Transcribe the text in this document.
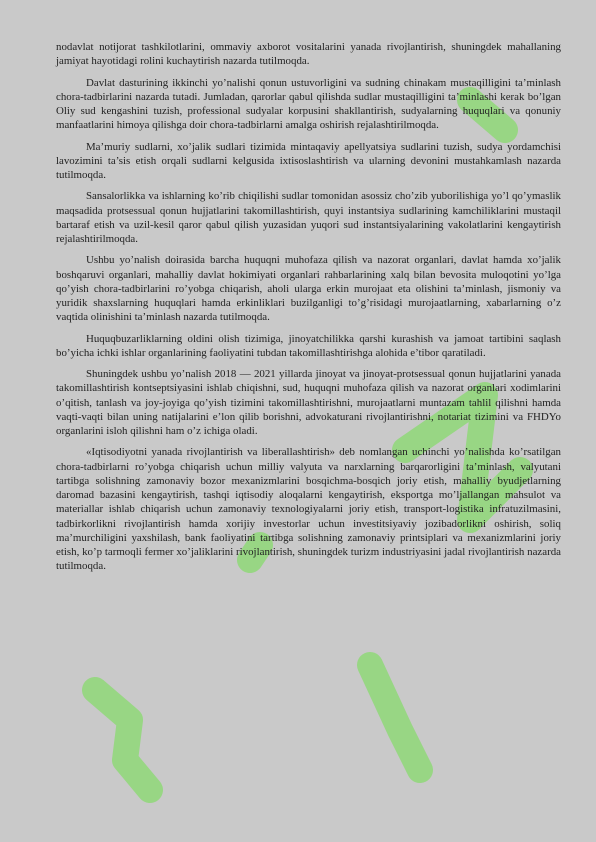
nodavlat notijorat tashkilotlarini, ommaviy axborot vositalarini yanada rivojlantirish, shuningdek mahallaning jamiyat hayotidagi rolini kuchaytirish nazarda tutilmoqda.

Davlat dasturining ikkinchi yo’nalishi qonun ustuvorligini va sudning chinakam mustaqilligini ta’minlash chora-tadbirlarini nazarda tutadi. Jumladan, qarorlar qabul qilishda sudlar mustaqilligini ta’minlashi kerak bo’lgan Oliy sud kengashini tuzish, professional sudyalar korpusini shakllantirish, sudyalarning huquqlari va qonuniy manfaatlarini himoya qilishga doir chora-tadbirlarni amalga oshirish rejalashtirilmoqda.

Ma’muriy sudlarni, xo’jalik sudlari tizimida mintaqaviy apellyatsiya sudlarini tuzish, sudya yordamchisi lavozimini ta’sis etish orqali sudlarni kelgusida ixtisoslashtirish va ularning devonini mustahkamlash nazarda tutilmoqda.

Sansalorlikka va ishlarning ko’rib chiqilishi sudlar tomonidan asossiz cho’zib yuborilishiga yo’l qo’ymaslik maqsadida protsessual qonun hujjatlarini takomillashtirish, quyi instantsiya sudlarining kamchiliklarini mustaqil bartaraf etish va uzil-kesil qaror qabul qilish yuzasidan yuqori sud instantsiyalarining vakolatlarini kengaytirish rejalashtirilmoqda.

Ushbu yo’nalish doirasida barcha huquqni muhofaza qilish va nazorat organlari, davlat hamda xo’jalik boshqaruvi organlari, mahalliy davlat hokimiyati organlari rahbarlarining xalq bilan bevosita muloqotini yo’lga qo’yish chora-tadbirlarini ro’yobga chiqarish, aholi ularga erkin murojaat eta olishini ta’minlash, jismoniy va yuridik shaxslarning huquqlari hamda erkinliklari buzilganligi to’g’risidagi murojaatlarning, xabarlarning o’z vaqtida olinishini ta’minlash nazarda tutilmoqda.

Huquqbuzarliklarning oldini olish tizimiga, jinoyatchilikka qarshi kurashish va jamoat tartibini saqlash bo’yicha ichki ishlar organlarining faoliyatini tubdan takomillashtirishga alohida e’tibor qaratiladi.

Shuningdek ushbu yo’nalish 2018 — 2021 yillarda jinoyat va jinoyat-protsessual qonun hujjatlarini yanada takomillashtirish kontseptsiyasini ishlab chiqishni, sud, huquqni muhofaza qilish va nazorat organlari xodimlarini o’qitish, tanlash va joy-joyiga qo’yish tizimini takomillashtirishni, murojaatlarni muntazam tahlil qilishni hamda vaqti-vaqti bilan uning natijalarini e’lon qilib borishni, advokaturani rivojlantirishni, notariat tizimini va FHDYo organlarini isloh qilishni ham o’z ichiga oladi.

«Iqtisodiyotni yanada rivojlantirish va liberallashtirish» deb nomlangan uchinchi yo’nalishda ko’rsatilgan chora-tadbirlarni ro’yobga chiqarish uchun milliy valyuta va narxlarning barqarorligini ta’minlash, valyutani tartibga solishning zamonaviy bozor mexanizmlarini bosqichma-bosqich joriy etish, mahalliy byudjetlarning daromad bazasini kengaytirish, tashqi iqtisodiy aloqalarni kengaytirish, eksportga mo’ljallangan mahsulot va materiallar ishlab chiqarish uchun zamonaviy texnologiyalarni joriy etish, transport-logistika infratuzilmasini, tadbirkorlikni rivojlantirish hamda xorijiy investorlar uchun investitsiyaviy jozibadorlikni oshirish, soliq ma’murchiligini yaxshilash, bank faoliyatini tartibga solishning zamonaviy printsiplari va mexanizmlarini joriy etish, ko’p tarmoqli fermer xo’jaliklarini rivojlantirish, shuningdek turizm industriyasini jadal rivojlantirish nazarda tutilmoqda.
